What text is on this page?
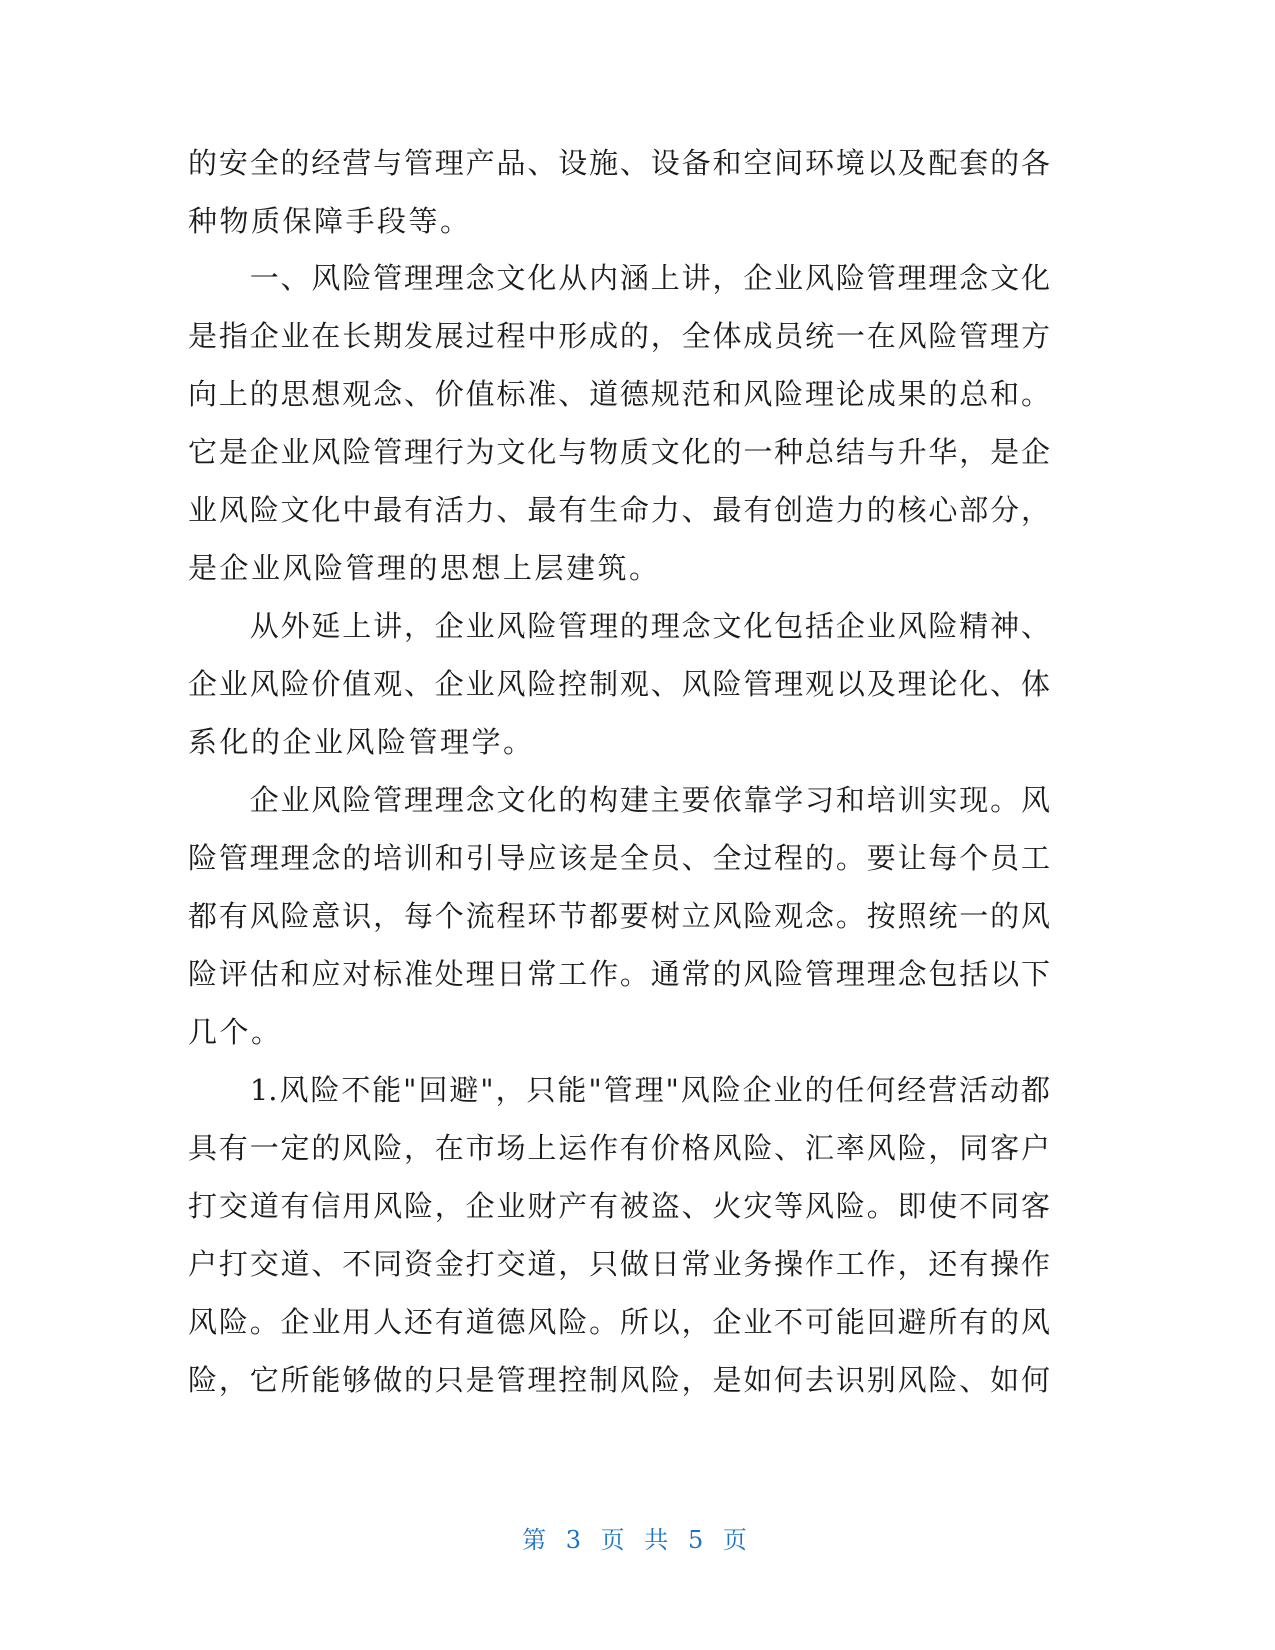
的安全的经营与管理产品、设施、设备和空间环境以及配套的各
种物质保障手段等。
　　一、风险管理理念文化从内涵上讲，企业风险管理理念文化
是指企业在长期发展过程中形成的，全体成员统一在风险管理方
向上的思想观念、价值标准、道德规范和风险理论成果的总和。
它是企业风险管理行为文化与物质文化的一种总结与升华，是企
业风险文化中最有活力、最有生命力、最有创造力的核心部分，
是企业风险管理的思想上层建筑。
　　从外延上讲，企业风险管理的理念文化包括企业风险精神、
企业风险价值观、企业风险控制观、风险管理观以及理论化、体
系化的企业风险管理学。
　　企业风险管理理念文化的构建主要依靠学习和培训实现。风
险管理理念的培训和引导应该是全员、全过程的。要让每个员工
都有风险意识，每个流程环节都要树立风险观念。按照统一的风
险评估和应对标准处理日常工作。通常的风险管理理念包括以下
几个。
　　1.风险不能"回避"，只能"管理"风险企业的任何经营活动都
具有一定的风险，在市场上运作有价格风险、汇率风险，同客户
打交道有信用风险，企业财产有被盗、火灾等风险。即使不同客
户打交道、不同资金打交道，只做日常业务操作工作，还有操作
风险。企业用人还有道德风险。所以，企业不可能回避所有的风
险，它所能够做的只是管理控制风险，是如何去识别风险、如何
第 3 页 共 5 页
